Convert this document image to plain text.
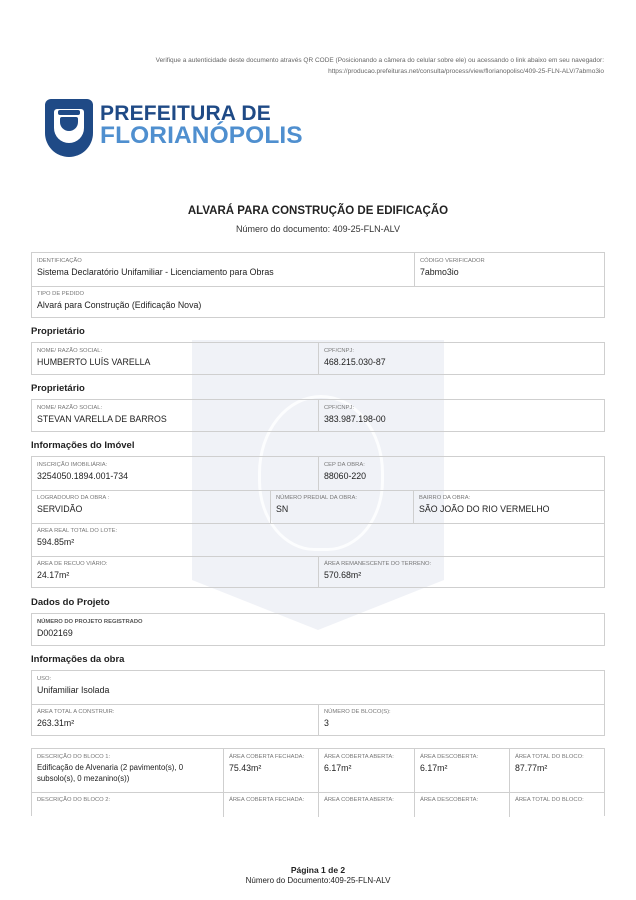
Verifique a autenticidade deste documento através QR CODE (Posicionando a câmera do celular sobre ele) ou acessando o link abaixo em seu navegador:
https://producao.prefeituras.net/consulta/process/view/florianopolisc/409-25-FLN-ALV/7abmo3io
PREFEITURA DE
FLORIANÓPOLIS
ALVARÁ PARA CONSTRUÇÃO DE EDIFICAÇÃO
Número do documento: 409-25-FLN-ALV
IDENTIFICAÇÃO
Sistema Declaratório Unifamiliar - Licenciamento para Obras
CÓDIGO VERIFICADOR
7abmo3io
TIPO DE PEDIDO
Alvará para Construção (Edificação Nova)
Proprietário
NOME/ RAZÃO SOCIAL:
HUMBERTO LUÍS VARELLA
CPF/CNPJ:
468.215.030-87
Proprietário
NOME/ RAZÃO SOCIAL:
STEVAN VARELLA DE BARROS
CPF/CNPJ:
383.987.198-00
Informações do Imóvel
INSCRIÇÃO IMOBILIÁRIA:
3254050.1894.001-734
CEP DA OBRA:
88060-220
LOGRADOURO DA OBRA :
SERVIDÃO
NÚMERO PREDIAL DA OBRA:
SN
BAIRRO DA OBRA:
SÃO JOÃO DO RIO VERMELHO
ÁREA REAL TOTAL DO LOTE:
594.85m²
ÁREA DE RECUO VIÁRIO:
24.17m²
ÁREA REMANESCENTE DO TERRENO:
570.68m²
Dados do Projeto
NÚMERO DO PROJETO REGISTRADO
D002169
Informações da obra
USO:
Unifamiliar Isolada
ÁREA TOTAL A CONSTRUIR:
263.31m²
NÚMERO DE BLOCO(S):
3
DESCRIÇÃO DO BLOCO 1:
Edificação de Alvenaria (2 pavimento(s), 0 subsolo(s), 0 mezanino(s))
ÁREA COBERTA FECHADA:
75.43m²
ÁREA COBERTA ABERTA:
6.17m²
ÁREA DESCOBERTA:
6.17m²
ÁREA TOTAL DO BLOCO:
87.77m²
DESCRIÇÃO DO BLOCO 2:	ÁREA COBERTA FECHADA:	ÁREA COBERTA ABERTA:	ÁREA DESCOBERTA:	ÁREA TOTAL DO BLOCO:
Página 1 de 2
Número do Documento:409-25-FLN-ALV
